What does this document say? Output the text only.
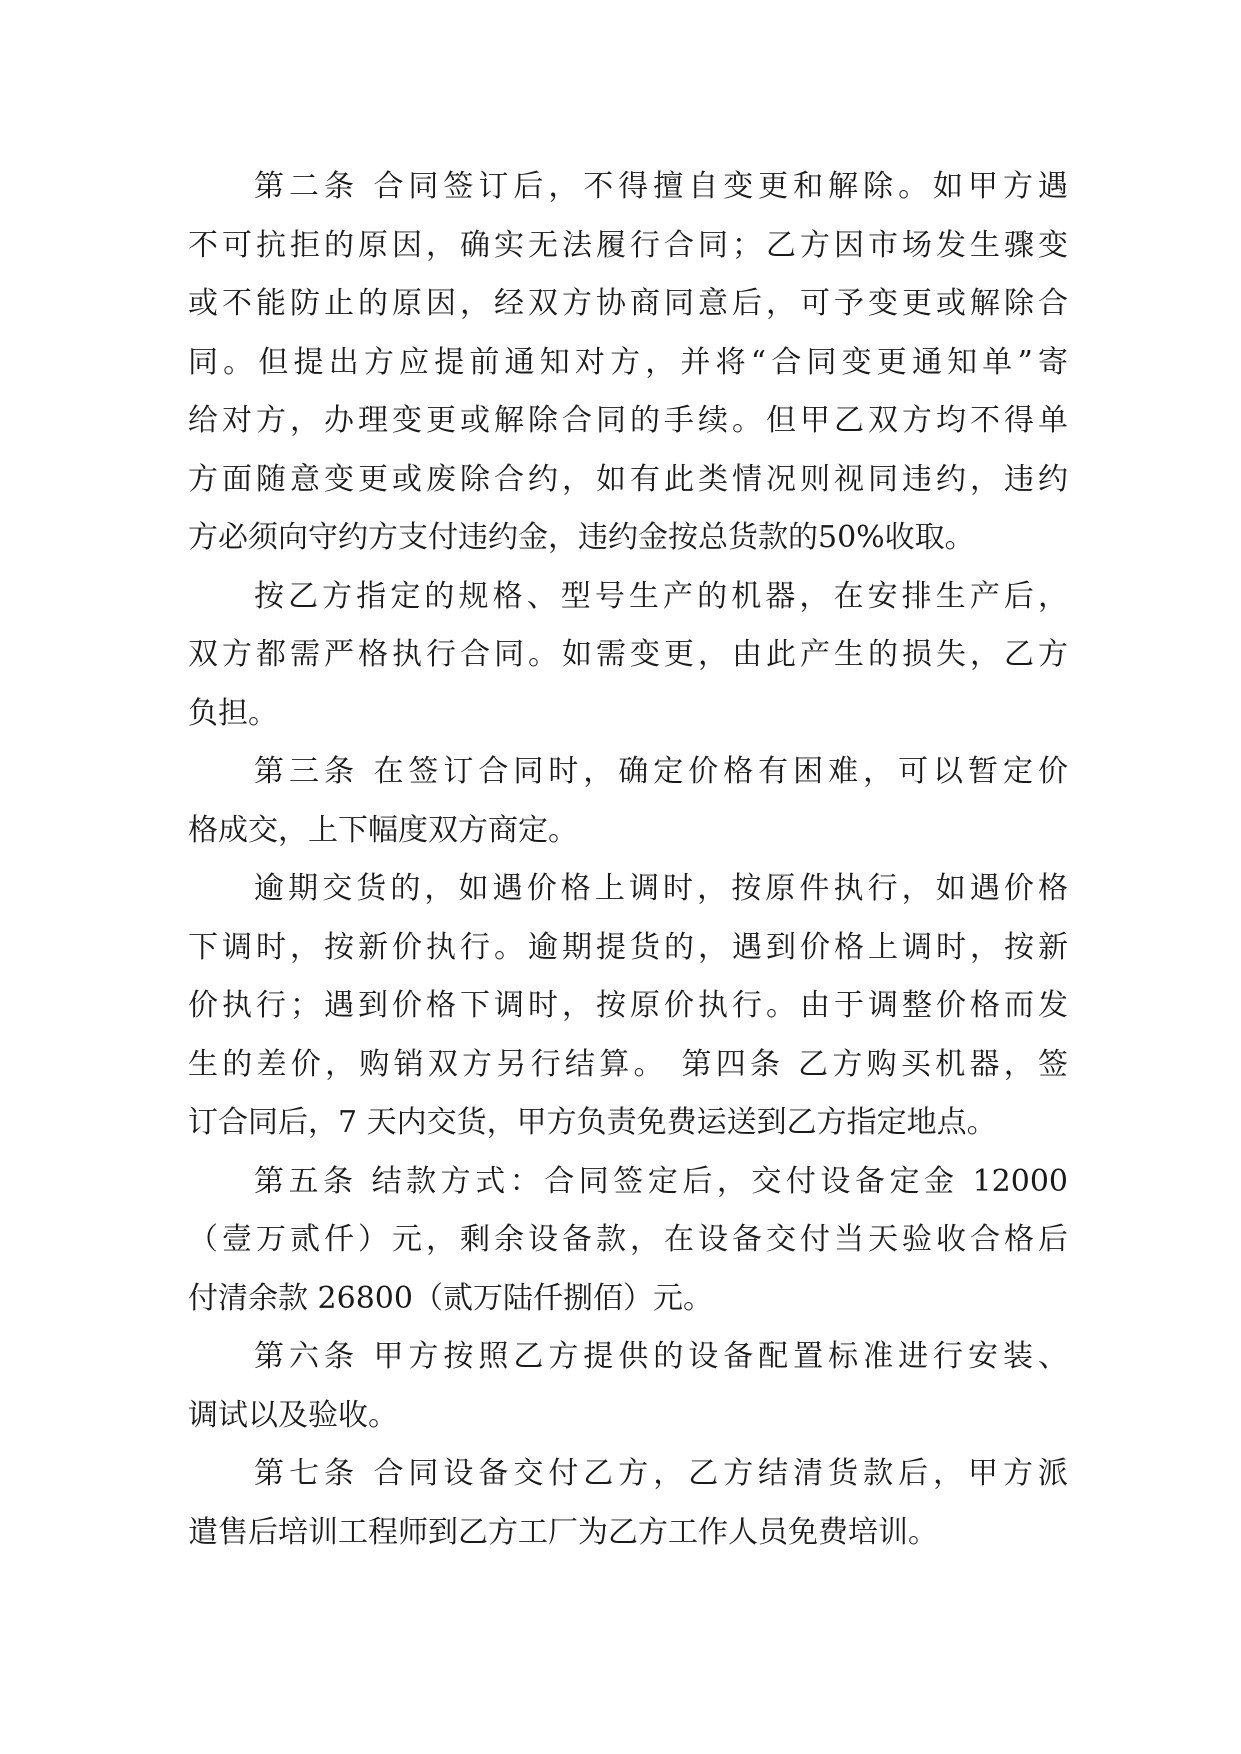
第二条 合同签订后，不得擅自变更和解除。如甲方遇
不可抗拒的原因，确实无法履行合同；乙方因市场发生骤变
或不能防止的原因，经双方协商同意后，可予变更或解除合
同。但提出方应提前通知对方，并将“合同变更通知单”寄
给对方，办理变更或解除合同的手续。但甲乙双方均不得单
方面随意变更或废除合约，如有此类情况则视同违约，违约
方必须向守约方支付违约金，违约金按总货款的50%收取。

按乙方指定的规格、型号生产的机器，在安排生产后，
双方都需严格执行合同。如需变更，由此产生的损失，乙方
负担。

第三条 在签订合同时，确定价格有困难，可以暂定价
格成交，上下幅度双方商定。

逾期交货的，如遇价格上调时，按原件执行，如遇价格
下调时，按新价执行。逾期提货的，遇到价格上调时，按新
价执行；遇到价格下调时，按原价执行。由于调整价格而发
生的差价，购销双方另行结算。 第四条 乙方购买机器，签
订合同后，7 天内交货，甲方负责免费运送到乙方指定地点。

第五条 结款方式：合同签定后，交付设备定金 12000
（壹万贰仟）元，剩余设备款，在设备交付当天验收合格后
付清余款 26800（贰万陆仟捌佰）元。

第六条 甲方按照乙方提供的设备配置标准进行安装、
调试以及验收。

第七条 合同设备交付乙方，乙方结清货款后，甲方派
遣售后培训工程师到乙方工厂为乙方工作人员免费培训。
